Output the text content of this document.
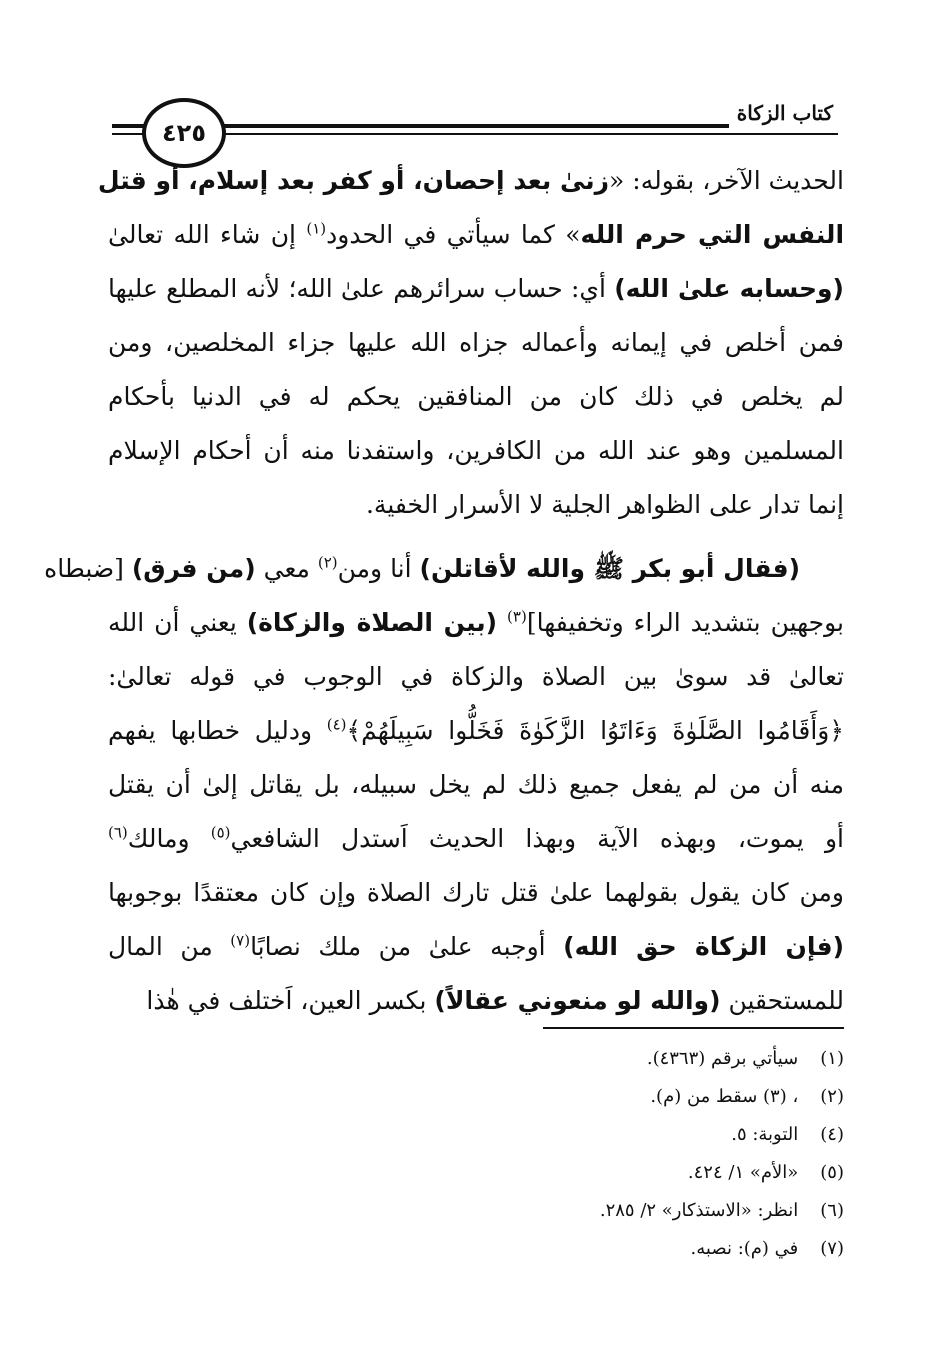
كتاب الزكاة
٤٢٥
الحديث الآخر، بقوله: «زنىٰ بعد إحصان، أو كفر بعد إسلام، أو قتل
النفس التي حرم الله» كما سيأتي في الحدود$^{(١)}$ إن شاء الله تعالىٰ
(وحسابه علىٰ الله) أي: حساب سرائرهم علىٰ الله؛ لأنه المطلع عليها
فمن أخلص في إيمانه وأعماله جزاه الله عليها جزاء المخلصين، ومن
لم يخلص في ذلك كان من المنافقين يحكم له في الدنيا بأحكام
المسلمين وهو عند الله من الكافرين، واستفدنا منه أن أحكام الإسلام
إنما تدار على الظواهر الجلية لا الأسرار الخفية.
(فقال أبو بكر ﷺ والله لأقاتلن) أنا ومن$^{(٢)}$ معي (من فرق) [ضبطاه
بوجهين بتشديد الراء وتخفيفها]$^{(٣)}$ (بين الصلاة والزكاة) يعني أن الله
تعالىٰ قد سوىٰ بين الصلاة والزكاة في الوجوب في قوله تعالىٰ:
﴿وَأَقَامُوا الصَّلَوٰةَ وَءَاتَوُا الزَّكَوٰةَ فَخَلُّوا سَبِيلَهُمْ﴾$^{(٤)}$ ودليل خطابها يفهم
منه أن من لم يفعل جميع ذلك لم يخل سبيله، بل يقاتل إلىٰ أن يقتل
أو يموت، وبهذه الآية وبهذا الحديث اَستدل الشافعي$^{(٥)}$ ومالك$^{(٦)}$
ومن كان يقول بقولهما علىٰ قتل تارك الصلاة وإن كان معتقدًا بوجوبها
(فإن الزكاة حق الله) أوجبه علىٰ من ملك نصابًا$^{(٧)}$ من المال
للمستحقين (والله لو منعوني عقالاً) بكسر العين، اَختلف في هٰذا
(١) سيأتي برقم (٤٣٦٣).
(٢) ، (٣) سقط من (م).
(٤) التوبة: ٥.
(٥) «الأم» ١/ ٤٢٤.
(٦) انظر: «الاستذكار» ٢/ ٢٨٥.
(٧) في (م): نصبه.
